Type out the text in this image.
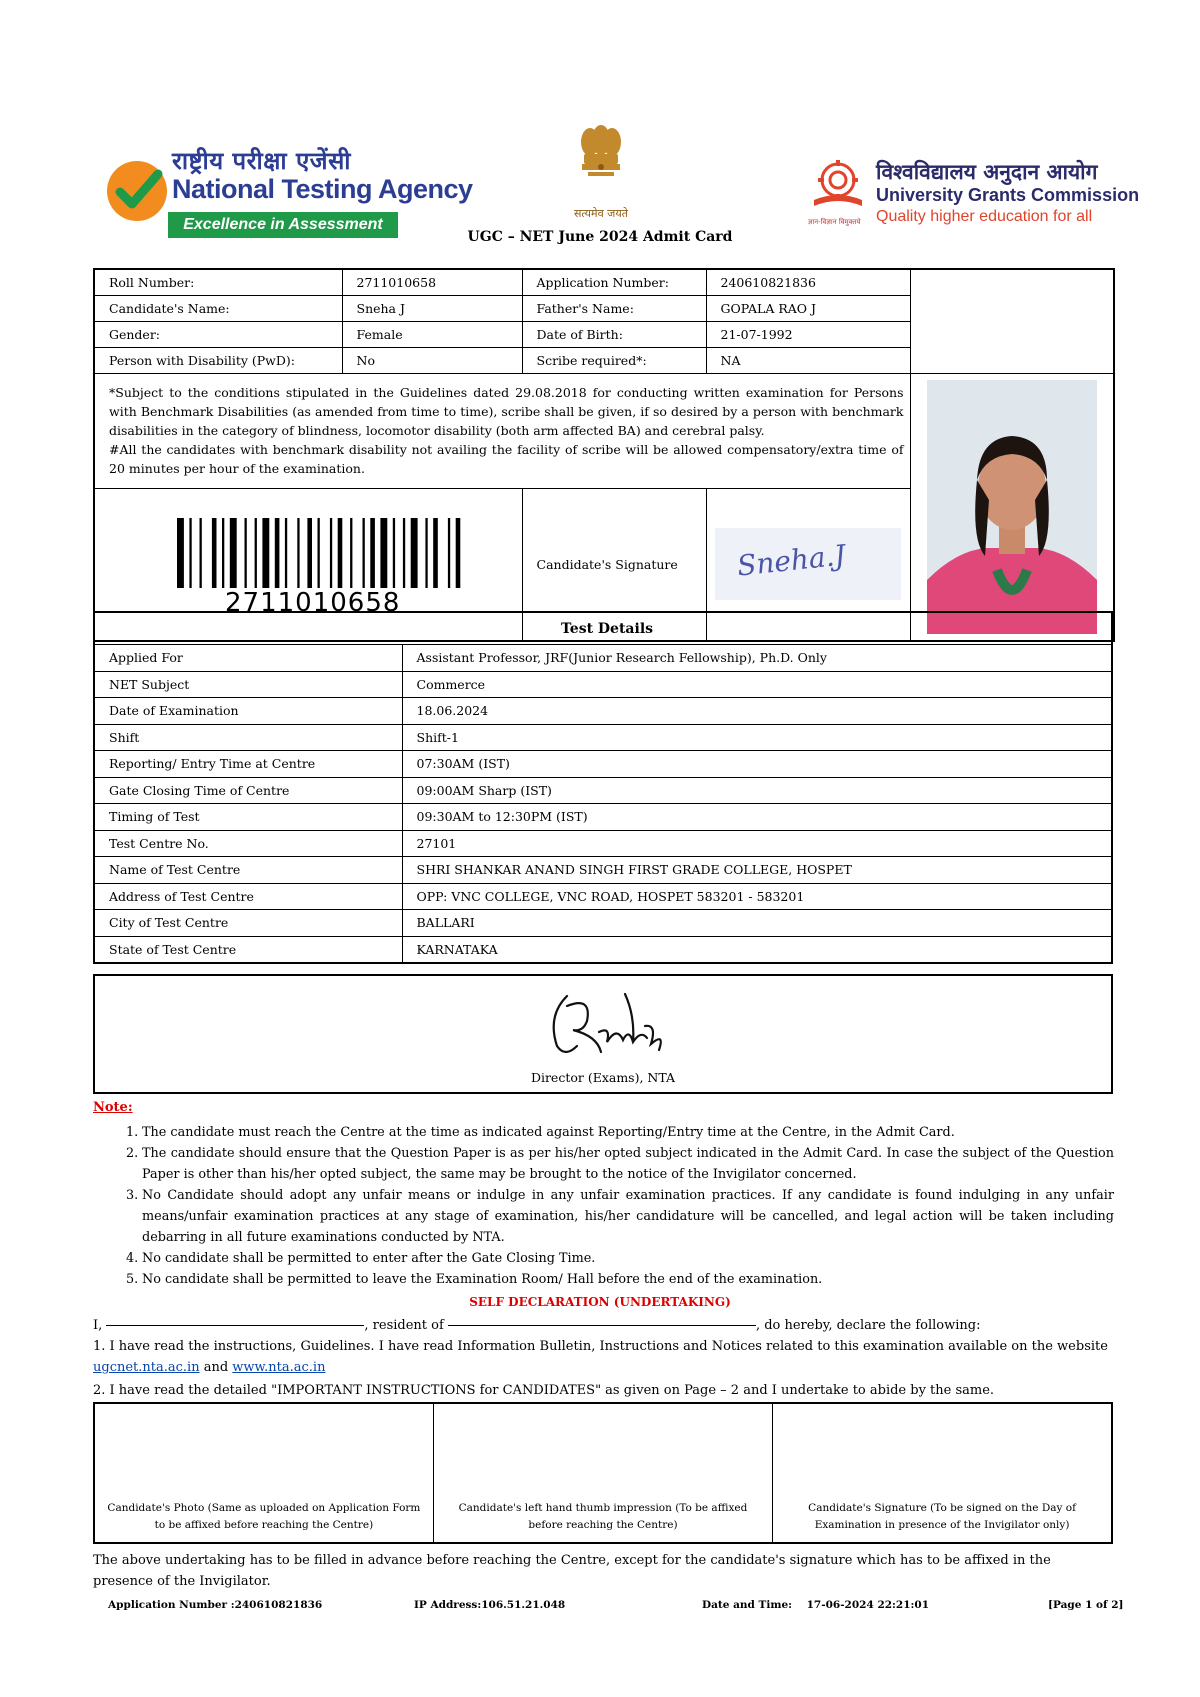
राष्ट्रीय परीक्षा एजेंसी
National Testing Agency
Excellence in Assessment
सत्यमेव जयते
विश्वविद्यालय अनुदान आयोग
University Grants Commission
Quality higher education for all
ज्ञान-विज्ञान विमुक्तये
UGC – NET June 2024 Admit Card
Roll Number:	2711010658	Application Number:	240610821836	
Candidate's Name:	Sneha J	Father's Name:	GOPALA RAO J	
Gender:	Female	Date of Birth:	21-07-1992	
Person with Disability (PwD):	No	Scribe required*:	NA	

*Subject to the conditions stipulated in the Guidelines dated 29.08.2018 for conducting written examination for Persons with Benchmark Disabilities (as amended from time to time), scribe shall be given, if so desired by a person with benchmark disabilities in the category of blindness, locomotor disability (both arm affected BA) and cerebral palsy.
#All the candidates with benchmark disability not availing the facility of scribe will be allowed compensatory/extra time of 20 minutes per hour of the examination.

2711010658		Candidate's Signature	Sneha.J	
Test Details	
Applied For	Assistant Professor, JRF(Junior Research Fellowship), Ph.D. Only
NET Subject	Commerce
Date of Examination	18.06.2024
Shift	Shift-1
Reporting/ Entry Time at Centre	07:30AM (IST)
Gate Closing Time of Centre	09:00AM Sharp (IST)
Timing of Test	09:30AM to 12:30PM (IST)
Test Centre No.	27101
Name of Test Centre	SHRI SHANKAR ANAND SINGH FIRST GRADE COLLEGE, HOSPET
Address of Test Centre	OPP: VNC COLLEGE, VNC ROAD, HOSPET 583201 - 583201
City of Test Centre	BALLARI
State of Test Centre	KARNATAKA
Director (Exams), NTA
Note:
1. The candidate must reach the Centre at the time as indicated against Reporting/Entry time at the Centre, in the Admit Card.
2. The candidate should ensure that the Question Paper is as per his/her opted subject indicated in the Admit Card. In case the subject of the Question Paper is other than his/her opted subject, the same may be brought to the notice of the Invigilator concerned.
3. No Candidate should adopt any unfair means or indulge in any unfair examination practices. If any candidate is found indulging in any unfair means/unfair examination practices at any stage of examination, his/her candidature will be cancelled, and legal action will be taken including debarring in all future examinations conducted by NTA.
4. No candidate shall be permitted to enter after the Gate Closing Time.
5. No candidate shall be permitted to leave the Examination Room/ Hall before the end of the examination.
SELF DECLARATION (UNDERTAKING)
I,	, resident of	, do hereby, declare the following:
1. I have read the instructions, Guidelines. I have read Information Bulletin, Instructions and Notices related to this examination available on the website
ugcnet.nta.ac.in and www.nta.ac.in
2. I have read the detailed "IMPORTANT INSTRUCTIONS for CANDIDATES" as given on Page – 2 and I undertake to abide by the same.
Candidate's Photo (Same as uploaded on Application Form to be affixed before reaching the Centre)	Candidate's left hand thumb impression (To be affixed before reaching the Centre)	Candidate's Signature (To be signed on the Day of Examination in presence of the Invigilator only)
The above undertaking has to be filled in advance before reaching the Centre, except for the candidate's signature which has to be affixed in the presence of the Invigilator.
Application Number :240610821836	IP Address:106.51.21.048	Date and Time:    17-06-2024 22:21:01	[Page 1 of 2]
